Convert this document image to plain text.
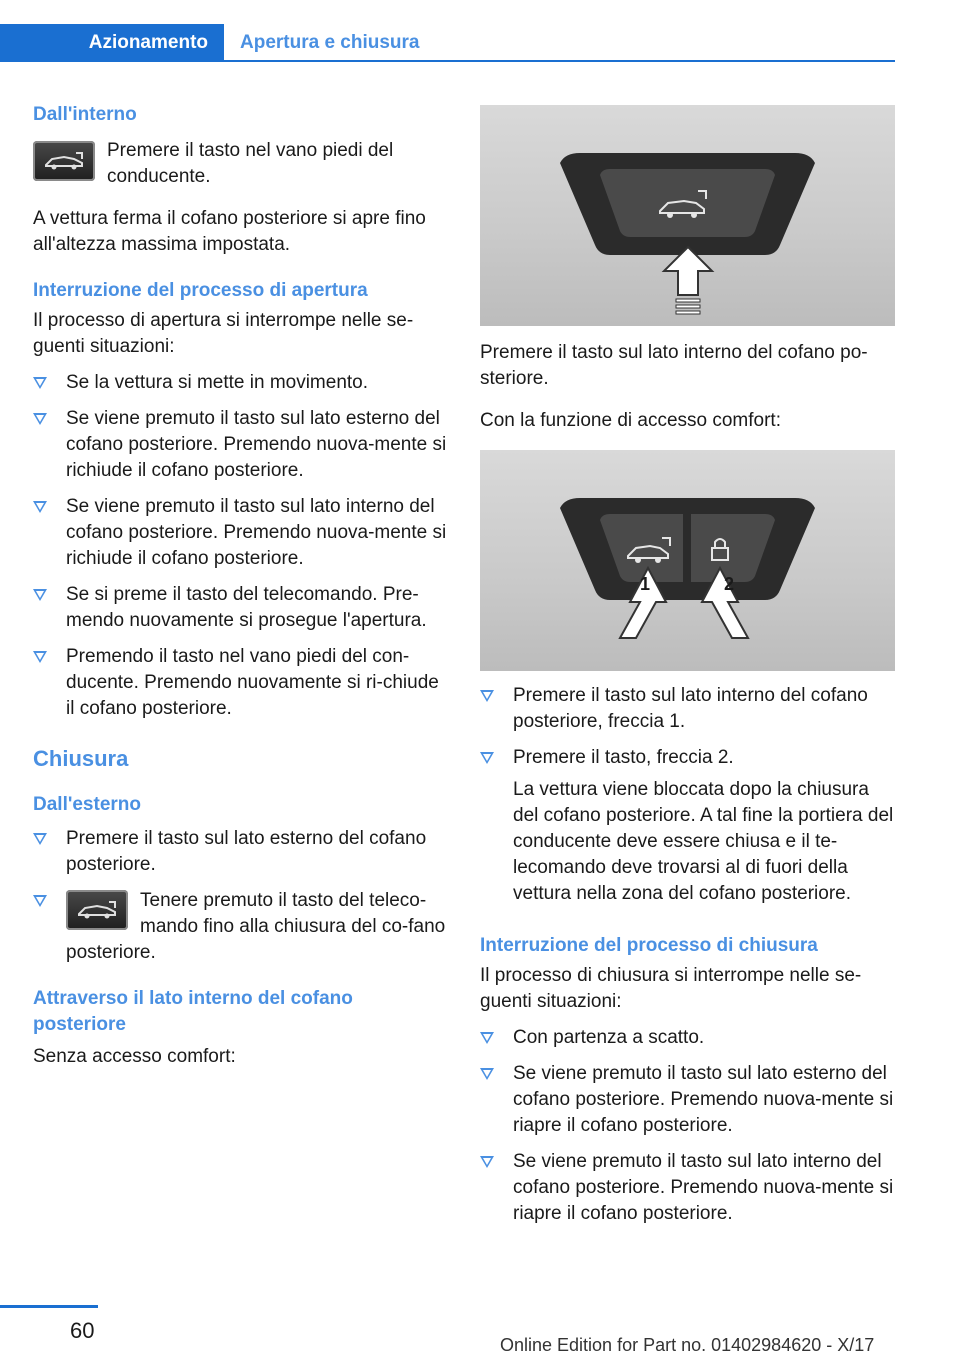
Azionamento Apertura e chiusura

Dall'interno

Premere il tasto nel vano piedi del conducente.

A vettura ferma il cofano posteriore si apre fino all'altezza massima impostata.

Interruzione del processo di apertura

Il processo di apertura si interrompe nelle se‐guenti situazioni:

Se la vettura si mette in movimento.
Se viene premuto il tasto sul lato esterno del cofano posteriore. Premendo nuova‐mente si richiude il cofano posteriore.
Se viene premuto il tasto sul lato interno del cofano posteriore. Premendo nuova‐mente si richiude il cofano posteriore.
Se si preme il tasto del telecomando. Pre‐mendo nuovamente si prosegue l'apertura.
Premendo il tasto nel vano piedi del con‐ducente. Premendo nuovamente si ri‐chiude il cofano posteriore.

Chiusura

Dall'esterno

Premere il tasto sul lato esterno del cofano posteriore.
Tenere premuto il tasto del teleco‐mando fino alla chiusura del co‐fano posteriore.

Attraverso il lato interno del cofano posteriore

Senza accesso comfort:

Premere il tasto sul lato interno del cofano po‐steriore.

Con la funzione di accesso comfort:

1	2
Premere il tasto sul lato interno del cofano posteriore, freccia 1.
Premere il tasto, freccia 2.
La vettura viene bloccata dopo la chiusura del cofano posteriore. A tal fine la portiera del conducente deve essere chiusa e il te‐lecomando deve trovarsi al di fuori della vettura nella zona del cofano posteriore.

Interruzione del processo di chiusura

Il processo di chiusura si interrompe nelle se‐guenti situazioni:

Con partenza a scatto.
Se viene premuto il tasto sul lato esterno del cofano posteriore. Premendo nuova‐mente si riapre il cofano posteriore.
Se viene premuto il tasto sul lato interno del cofano posteriore. Premendo nuova‐mente si riapre il cofano posteriore.
60
Online Edition for Part no. 01402984620 - X/17
